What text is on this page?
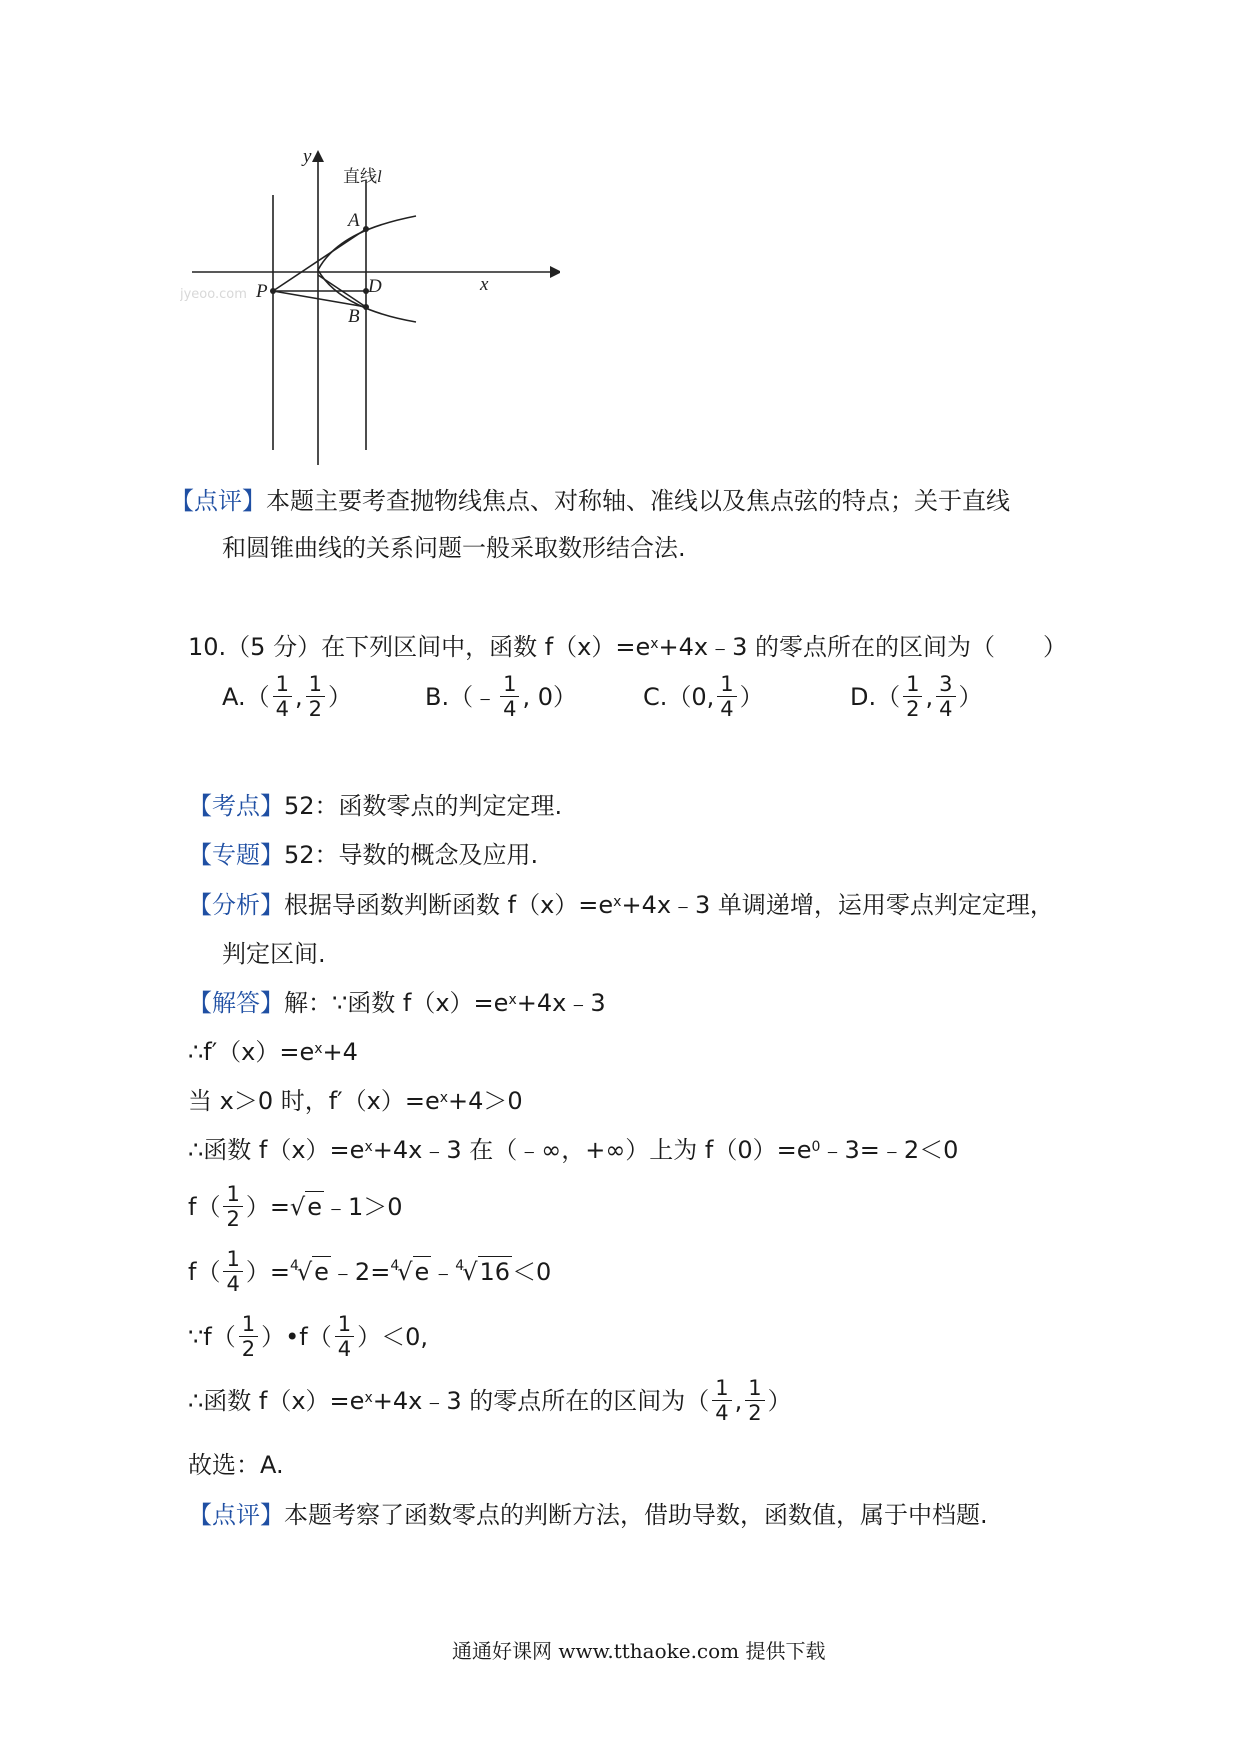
y
x
A
P	D
B
直线l
jyeoo.com
【点评】本题主要考查抛物线焦点、对称轴、准线以及焦点弦的特点；关于直线
和圆锥曲线的关系问题一般采取数形结合法.
10.（5 分）在下列区间中，函数 $f(x)=e^x+4x﹣3$ 的零点所在的区间为（　　）
$A.( \frac{1}{4}$ , $\frac{1}{2}$ ）	B.（﹣ $\frac{1}{4}$ , 0）	C.（0, $\frac{1}{4}$ ）	$D.( \frac{1}{2}$ , $\frac{3}{4}$ ）
【考点】52：函数零点的判定定理.
【专题】52：导数的概念及应用.
【分析】根据导函数判断函数 $f(x)=e^x+4x﹣3$ 单调递增，运用零点判定定理，
判定区间.
【解答】解：∵函数 $f(x)=e^x+4x﹣3$
$\therefore f'(x)=e^x+4$
当 x＞0 时，$f'(x)=e^x+4>0$
∴函数 $f(x)=e^x+4x﹣3$ 在（﹣∞，+∞）上为 $f(0)=e^0﹣3=﹣2<0$
$f( \frac{1}{2}$ ）=√ e ﹣1＞0
$f( \frac{1}{4}$ ）= 4
√ e ﹣2= 4
√ e ﹣ 4
√ 16 ＜0
∵f（ $\frac{1}{2}$ ）•f（ $\frac{1}{4} )<0$,
∴函数 f（x）=e x +4x﹣3 的零点所在的区间为（ $\frac{1}{4}$ , $\frac{1}{2}$ ）
故选：A.
【点评】本题考察了函数零点的判断方法，借助导数，函数值，属于中档题.
通通好课网 www.tthaoke.com 提供下载
